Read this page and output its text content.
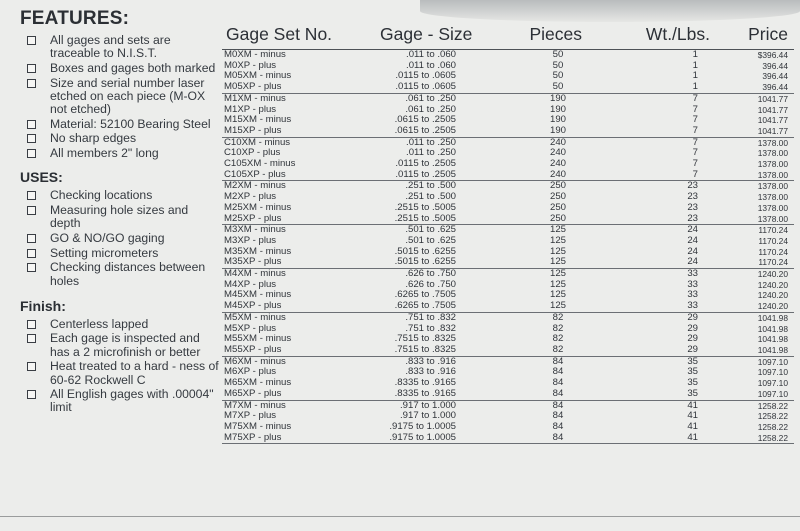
FEATURES:
All gages and sets are traceable to N.I.S.T.
Boxes and gages both marked
Size and serial number laser etched on each piece (M-OX not etched)
Material: 52100 Bearing Steel
No sharp edges
All members 2" long
USES:
Checking locations
Measuring hole sizes and depth
GO & NO/GO gaging
Setting micrometers
Checking distances between holes
Finish:
Centerless lapped
Each gage is inspected and has a 2 microfinish or better
Heat treated to a hard - ness of 60-62 Rockwell C
All English gages with .00004" limit
Gage Set No.	Gage - Size	Pieces	Wt./Lbs.	Price
M0XM - minus	.011 to .060	50	1	$396.44
M0XP - plus	.011 to .060	50	1	396.44
M05XM - minus	.0115 to .0605	50	1	396.44
M05XP - plus	.0115 to .0605	50	1	396.44
M1XM - minus	.061 to .250	190	7	1041.77
M1XP - plus	.061 to .250	190	7	1041.77
M15XM - minus	.0615 to .2505	190	7	1041.77
M15XP - plus	.0615 to .2505	190	7	1041.77
C10XM - minus	.011 to .250	240	7	1378.00
C10XP - plus	.011 to .250	240	7	1378.00
C105XM - minus	.0115 to .2505	240	7	1378.00
C105XP - plus	.0115 to .2505	240	7	1378.00
M2XM - minus	.251 to .500	250	23	1378.00
M2XP - plus	.251 to .500	250	23	1378.00
M25XM - minus	.2515 to .5005	250	23	1378.00
M25XP - plus	.2515 to .5005	250	23	1378.00
M3XM - minus	.501 to .625	125	24	1170.24
M3XP - plus	.501 to .625	125	24	1170.24
M35XM - minus	.5015 to .6255	125	24	1170.24
M35XP - plus	.5015 to .6255	125	24	1170.24
M4XM - minus	.626 to .750	125	33	1240.20
M4XP - plus	.626 to .750	125	33	1240.20
M45XM - minus	.6265 to .7505	125	33	1240.20
M45XP - plus	.6265 to .7505	125	33	1240.20
M5XM - minus	.751 to .832	82	29	1041.98
M5XP - plus	.751 to .832	82	29	1041.98
M55XM - minus	.7515 to .8325	82	29	1041.98
M55XP - plus	.7515 to .8325	82	29	1041.98
M6XM - minus	.833 to .916	84	35	1097.10
M6XP - plus	.833 to .916	84	35	1097.10
M65XM - minus	.8335 to .9165	84	35	1097.10
M65XP - plus	.8335 to .9165	84	35	1097.10
M7XM - minus	.917 to 1.000	84	41	1258.22
M7XP - plus	.917 to 1.000	84	41	1258.22
M75XM - minus	.9175 to 1.0005	84	41	1258.22
M75XP - plus	.9175 to 1.0005	84	41	1258.22
